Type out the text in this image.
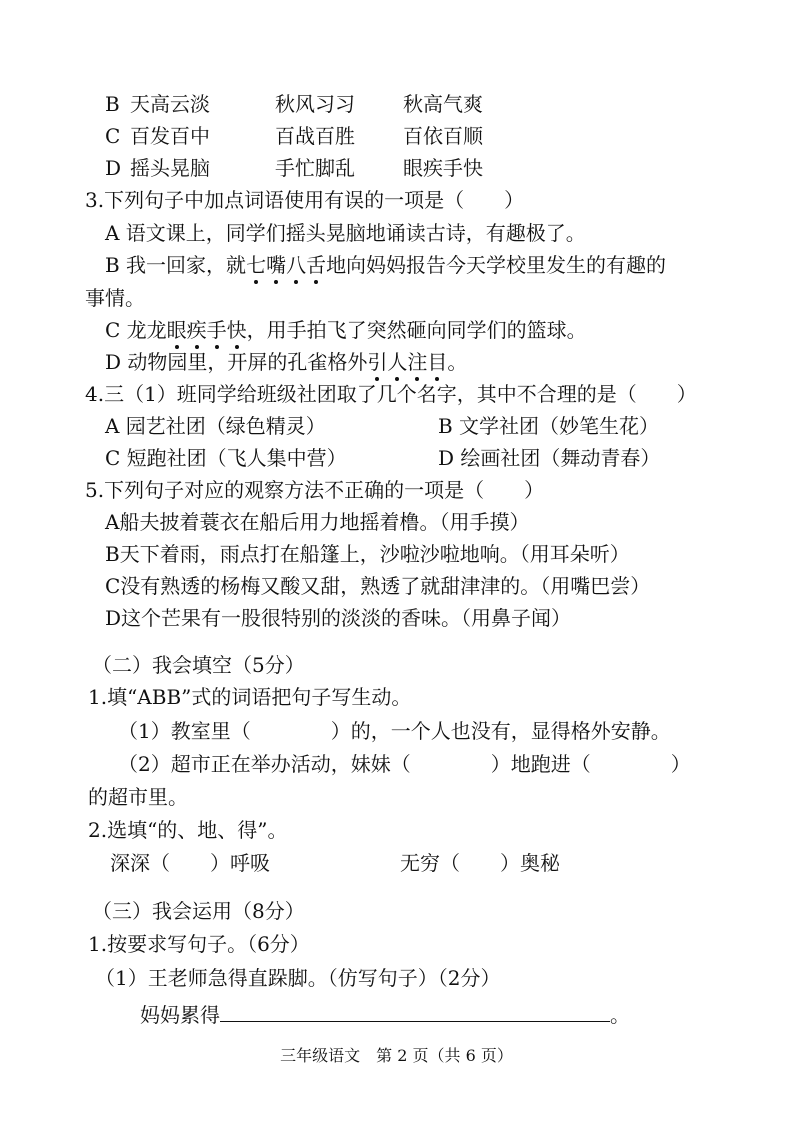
B 天高云淡	秋风习习 秋高气爽
C 百发百中	百战百胜 百依百顺
D 摇头晃脑	手忙脚乱 眼疾手快
3.下列句子中加点词语使用有误的一项是（　　）
A 语文课上，同学们摇头晃脑地诵读古诗，有趣极了。
B 我一回家，就七嘴八舌地向妈妈报告今天学校里发生的有趣的
事情。
C 龙龙眼疾手快，用手拍飞了突然砸向同学们的篮球。
D 动物园里，开屏的孔雀格外引人注目。
4.三（1）班同学给班级社团取了几个名字，其中不合理的是（　　）
A 园艺社团（绿色精灵）	B 文学社团（妙笔生花）
C 短跑社团（飞人集中营）	D 绘画社团（舞动青春）
5.下列句子对应的观察方法不正确的一项是（　　）
A船夫披着蓑衣在船后用力地摇着橹。（用手摸）
B天下着雨，雨点打在船篷上，沙啦沙啦地响。（用耳朵听）
C没有熟透的杨梅又酸又甜，熟透了就甜津津的。（用嘴巴尝）
D这个芒果有一股很特别的淡淡的香味。（用鼻子闻）
（二）我会填空（5分）
1.填“ABB”式的词语把句子写生动。
（1）教室里（　　　　）的，一个人也没有，显得格外安静。
（2）超市正在举办活动，妹妹（　　　　）地跑进（　　　　）
的超市里。
2.选填“的、地、得”。
深深（　　）呼吸	无穷（　　）奥秘
（三）我会运用（8分）
1.按要求写句子。（6分）
（1）王老师急得直跺脚。（仿写句子）（2分）
妈妈累得	。
三年级语文　第 2 页（共 6 页）
